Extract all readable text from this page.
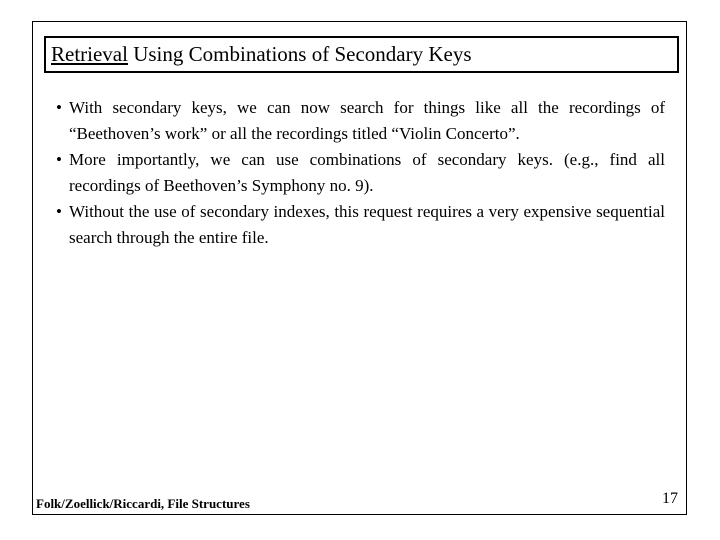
Retrieval Using Combinations of Secondary Keys
• With secondary keys, we can now search for things like all the recordings of “Beethoven’s work” or all the recordings titled “Violin Concerto”.
• More importantly, we can use combinations of secondary keys. (e.g., find all recordings of Beethoven’s Symphony no. 9).
• Without the use of secondary indexes, this request requires a very expensive sequential search through the entire file.
Folk/Zoellick/Riccardi, File Structures	17
